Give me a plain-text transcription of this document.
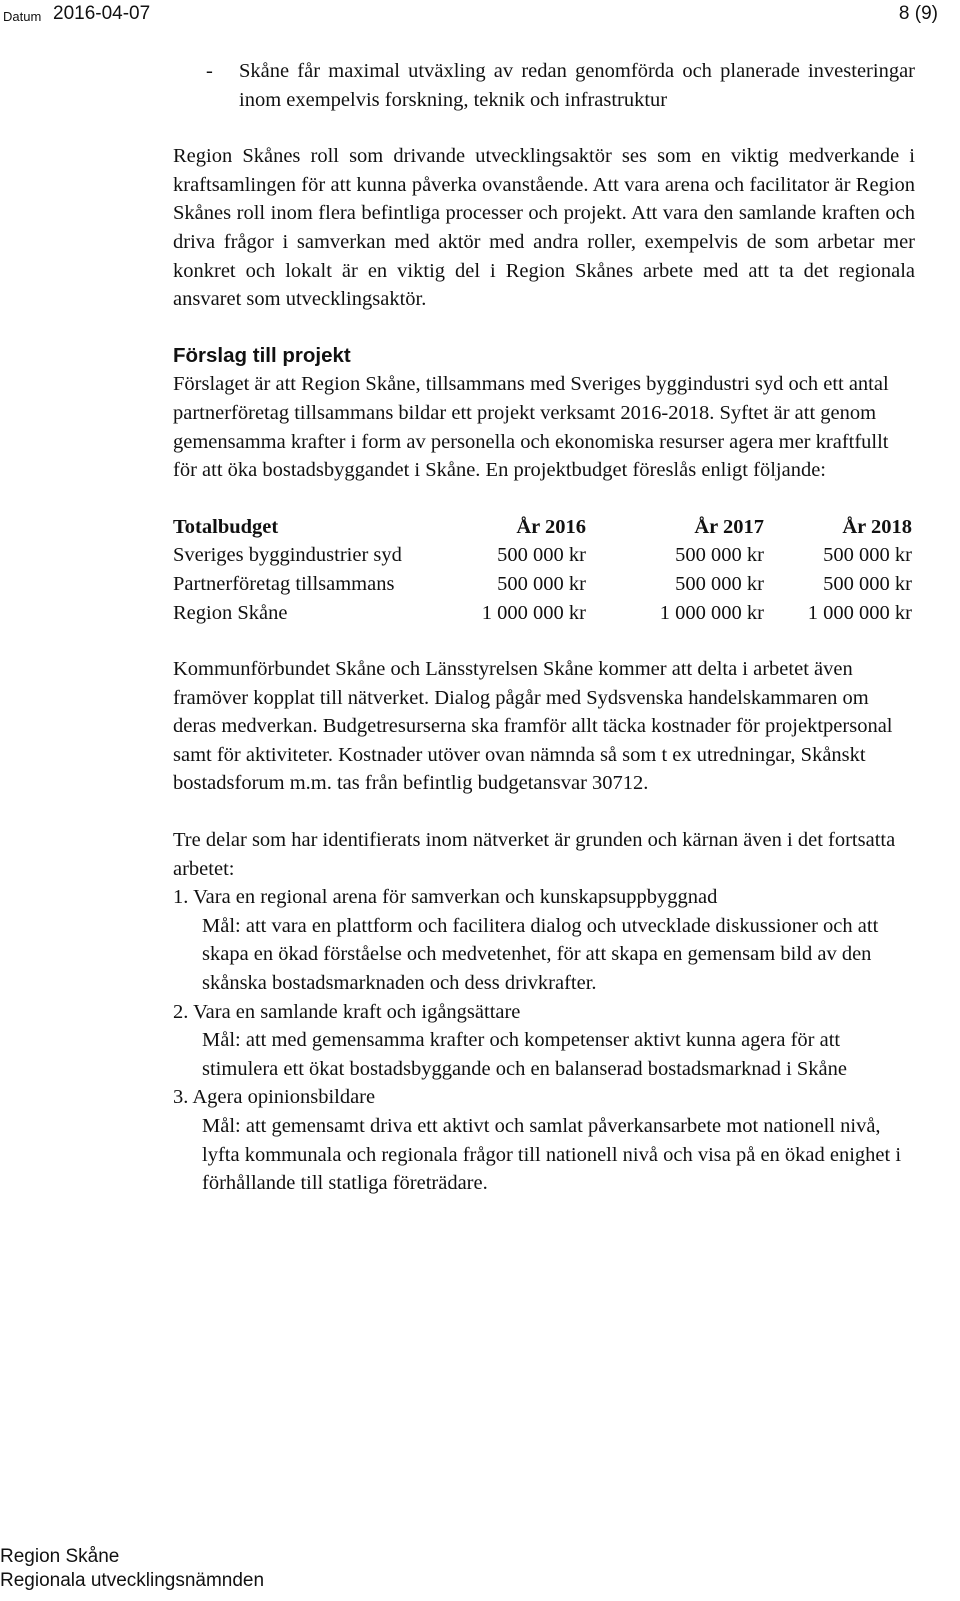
Datum 2016-04-07	8 (9)
- Skåne får maximal utväxling av redan genomförda och planerade investeringar inom exempelvis forskning, teknik och infrastruktur

Region Skånes roll som drivande utvecklingsaktör ses som en viktig medverkande i kraftsamlingen för att kunna påverka ovanstående. Att vara arena och facilitator är Region Skånes roll inom flera befintliga processer och projekt. Att vara den samlande kraften och driva frågor i samverkan med aktör med andra roller, exempelvis de som arbetar mer konkret och lokalt är en viktig del i Region Skånes arbete med att ta det regionala ansvaret som utvecklingsaktör.

Förslag till projekt

Förslaget är att Region Skåne, tillsammans med Sveriges byggindustri syd och ett antal partnerföretag tillsammans bildar ett projekt verksamt 2016-2018. Syftet är att genom gemensamma krafter i form av personella och ekonomiska resurser agera mer kraftfullt för att öka bostadsbyggandet i Skåne. En projektbudget föreslås enligt följande:

Totalbudget	År 2016	År 2017	År 2018
Sveriges byggindustrier syd	500 000 kr	500 000 kr	500 000 kr
Partnerföretag tillsammans	500 000 kr	500 000 kr	500 000 kr
Region Skåne	1 000 000 kr	1 000 000 kr	1 000 000 kr

Kommunförbundet Skåne och Länsstyrelsen Skåne kommer att delta i arbetet även framöver kopplat till nätverket. Dialog pågår med Sydsvenska handelskammaren om deras medverkan. Budgetresurserna ska framför allt täcka kostnader för projektpersonal samt för aktiviteter. Kostnader utöver ovan nämnda så som t ex utredningar, Skånskt bostadsforum m.m. tas från befintlig budgetansvar 30712.

Tre delar som har identifierats inom nätverket är grunden och kärnan även i det fortsatta arbetet:

1. Vara en regional arena för samverkan och kunskapsuppbyggnad

Mål: att vara en plattform och facilitera dialog och utvecklade diskussioner och att skapa en ökad förståelse och medvetenhet, för att skapa en gemensam bild av den skånska bostadsmarknaden och dess drivkrafter.

2. Vara en samlande kraft och igångsättare

Mål: att med gemensamma krafter och kompetenser aktivt kunna agera för att stimulera ett ökat bostadsbyggande och en balanserad bostadsmarknad i Skåne

3. Agera opinionsbildare

Mål: att gemensamt driva ett aktivt och samlat påverkansarbete mot nationell nivå, lyfta kommunala och regionala frågor till nationell nivå och visa på en ökad enighet i förhållande till statliga företrädare.

Region Skåne
Regionala utvecklingsnämnden
